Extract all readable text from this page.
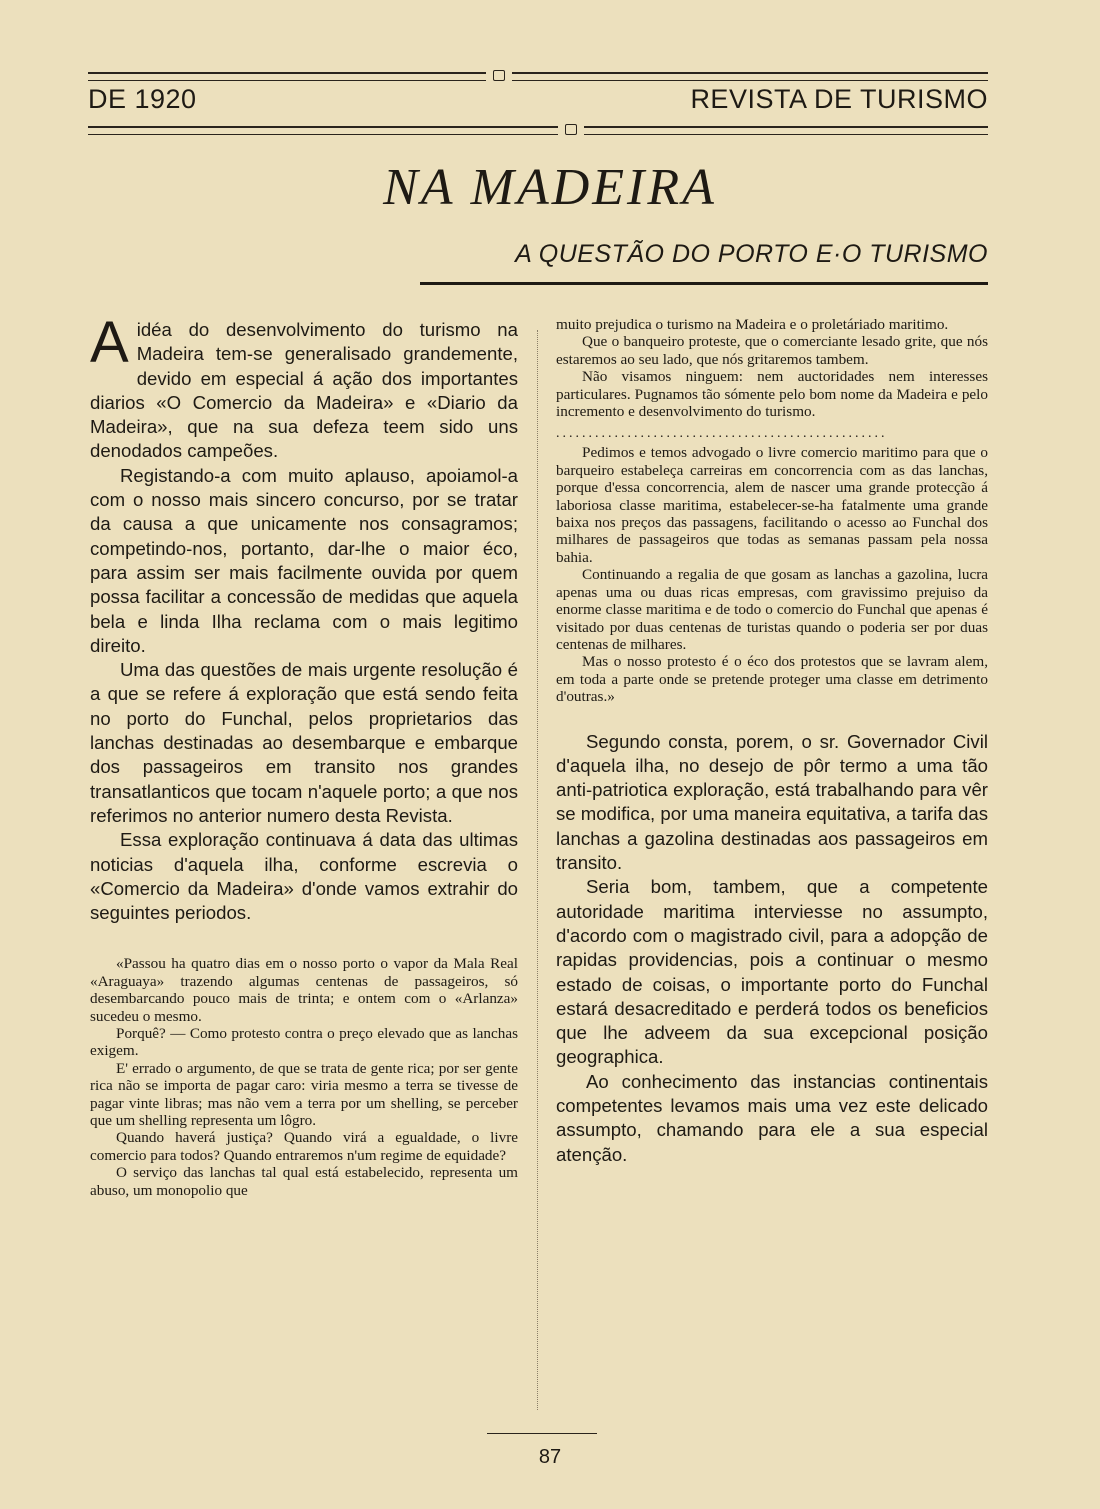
DE 1920	REVISTA DE TURISMO
NA MADEIRA
A QUESTÃO DO PORTO E·O TURISMO

Aidéa do desenvolvimento do turismo na Madeira tem-se generalisado grandemente, devido em especial á ação dos importantes diarios «O Comercio da Madeira» e «Diario da Madeira», que na sua defeza teem sido uns denodados campeões.

Registando-a com muito aplauso, apoiamol-a com o nosso mais sincero concurso, por se tratar da causa a que unicamente nos consagramos; competindo-nos, portanto, dar-lhe o maior éco, para assim ser mais facilmente ouvida por quem possa facilitar a concessão de medidas que aquela bela e linda Ilha reclama com o mais legitimo direito.

Uma das questões de mais urgente resolução é a que se refere á exploração que está sendo feita no porto do Funchal, pelos proprietarios das lanchas destinadas ao desembarque e embarque dos passageiros em transito nos grandes transatlanticos que tocam n'aquele porto; a que nos referimos no anterior numero desta Revista.

Essa exploração continuava á data das ultimas noticias d'aquela ilha, conforme escrevia o «Comercio da Madeira» d'onde vamos extrahir do seguintes periodos.

«Passou ha quatro dias em o nosso porto o vapor da Mala Real «Araguaya» trazendo algumas centenas de passageiros, só desembarcando pouco mais de trinta; e ontem com o «Arlanza» sucedeu o mesmo.

Porquê? — Como protesto contra o preço elevado que as lanchas exigem.

E' errado o argumento, de que se trata de gente rica; por ser gente rica não se importa de pagar caro: viria mesmo a terra se tivesse de pagar vinte libras; mas não vem a terra por um shelling, se perceber que um shelling representa um lôgro.

Quando haverá justiça? Quando virá a egualdade, o livre comercio para todos? Quando entraremos n'um regime de equidade?

O serviço das lanchas tal qual está estabelecido, representa um abuso, um monopolio que

muito prejudica o turismo na Madeira e o proletáriado maritimo.

Que o banqueiro proteste, que o comerciante lesado grite, que nós estaremos ao seu lado, que nós gritaremos tambem.

Não visamos ninguem: nem auctoridades nem interesses particulares. Pugnamos tão sómente pelo bom nome da Madeira e pelo incremento e desenvolvimento do turismo.

...................................................

Pedimos e temos advogado o livre comercio maritimo para que o barqueiro estabeleça carreiras em concorrencia com as das lanchas, porque d'essa concorrencia, alem de nascer uma grande protecção á laboriosa classe maritima, estabelecer-se-ha fatalmente uma grande baixa nos preços das passagens, facilitando o acesso ao Funchal dos milhares de passageiros que todas as semanas passam pela nossa bahia.

Continuando a regalia de que gosam as lanchas a gazolina, lucra apenas uma ou duas ricas empresas, com gravissimo prejuiso da enorme classe maritima e de todo o comercio do Funchal que apenas é visitado por duas centenas de turistas quando o poderia ser por duas centenas de milhares.

Mas o nosso protesto é o éco dos protestos que se lavram alem, em toda a parte onde se pretende proteger uma classe em detrimento d'outras.»

Segundo consta, porem, o sr. Governador Civil d'aquela ilha, no desejo de pôr termo a uma tão anti-patriotica exploração, está trabalhando para vêr se modifica, por uma maneira equitativa, a tarifa das lanchas a gazolina destinadas aos passageiros em transito.

Seria bom, tambem, que a competente autoridade maritima interviesse no assumpto, d'acordo com o magistrado civil, para a adopção de rapidas providencias, pois a continuar o mesmo estado de coisas, o importante porto do Funchal estará desacreditado e perderá todos os beneficios que lhe adveem da sua excepcional posição geographica.

Ao conhecimento das instancias continentais competentes levamos mais uma vez este delicado assumpto, chamando para ele a sua especial atenção.

87
